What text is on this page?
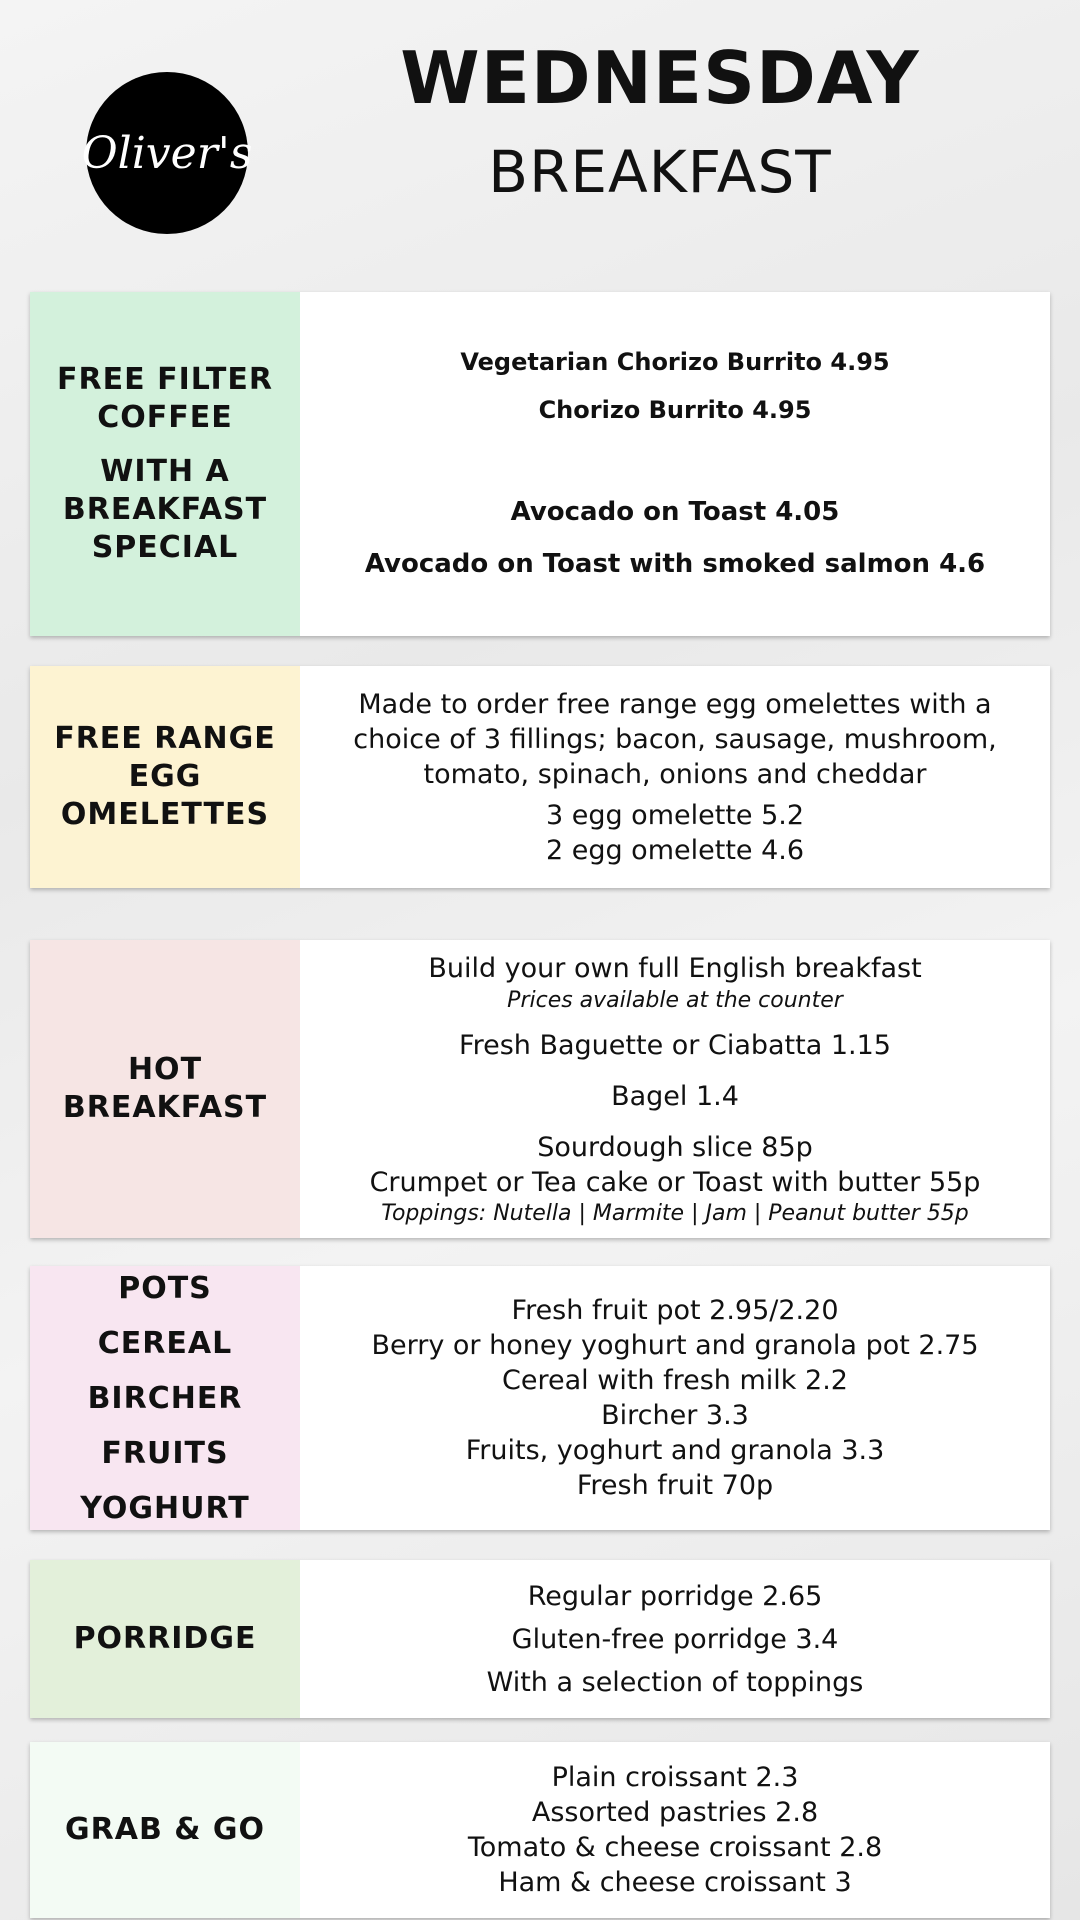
Oliver's
WEDNESDAY
BREAKFAST
FREE FILTER
COFFEE
WITH A
BREAKFAST
SPECIAL
Vegetarian Chorizo Burrito 4.95
Chorizo Burrito 4.95
Avocado on Toast 4.05
Avocado on Toast with smoked salmon 4.6
FREE RANGE
EGG
OMELETTES
Made to order free range egg omelettes with a choice of 3 fillings; bacon, sausage, mushroom, tomato, spinach, onions and cheddar
3 egg omelette 5.2
2 egg omelette 4.6
HOT
BREAKFAST
Build your own full English breakfast
Prices available at the counter
Fresh Baguette or Ciabatta 1.15
Bagel 1.4
Sourdough slice 85p
Crumpet or Tea cake or Toast with butter 55p
Toppings: Nutella | Marmite | Jam | Peanut butter 55p
POTS
CEREAL
BIRCHER
FRUITS
YOGHURT
Fresh fruit pot 2.95/2.20
Berry or honey yoghurt and granola pot 2.75
Cereal with fresh milk 2.2
Bircher 3.3
Fruits, yoghurt and granola 3.3
Fresh fruit 70p
PORRIDGE
Regular porridge 2.65
Gluten-free porridge 3.4
With a selection of toppings
GRAB & GO
Plain croissant 2.3
Assorted pastries 2.8
Tomato & cheese croissant 2.8
Ham & cheese croissant 3
